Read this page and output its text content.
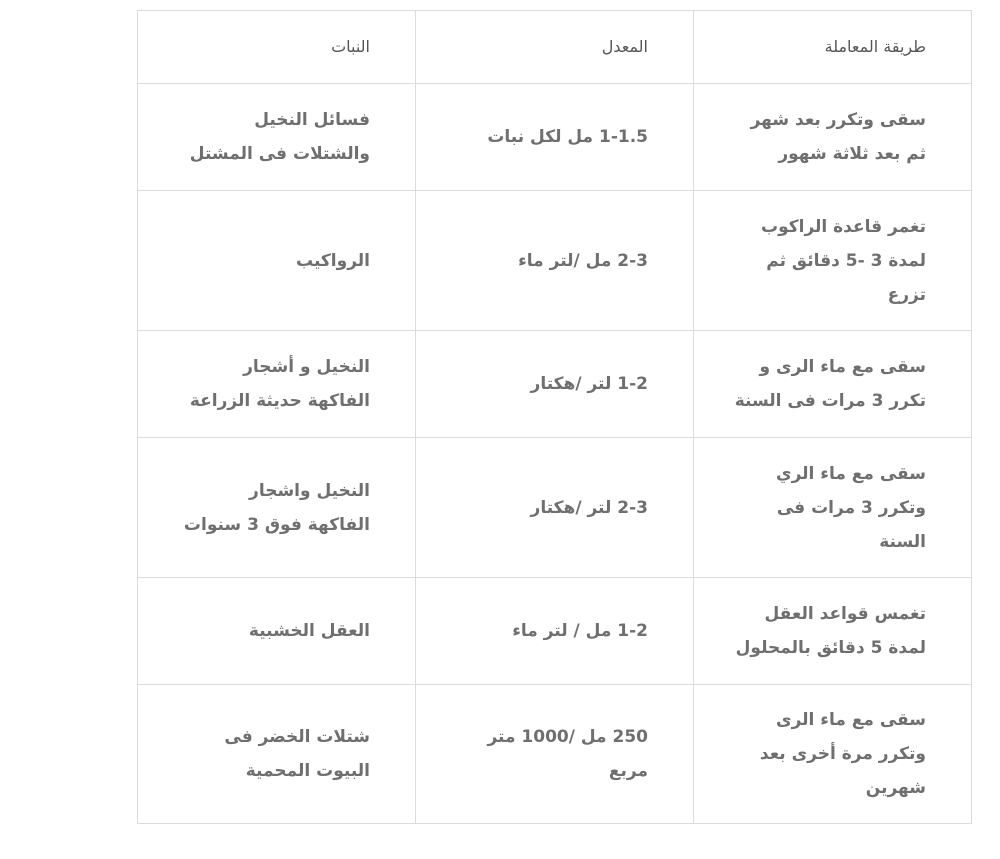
طريقة المعاملة	المعدل	النبات

سقى وتكرر بعد شهر
ثم بعد ثلاثة شهور	1-1.5 مل لكل نبات	فسائل النخيل
والشتلات فى المشتل

تغمر قاعدة الراكوب
لمدة 3 -5 دقائق ثم
تزرع	2-3 مل /لتر ماء	الرواكيب

سقى مع ماء الرى و
تكرر 3 مرات فى السنة	1-2 لتر /هكتار	النخيل و أشجار
الفاكهة حديثة الزراعة

سقى مع ماء الري
وتكرر 3 مرات فى
السنة	2-3 لتر /هكتار	النخيل واشجار
الفاكهة فوق 3 سنوات

تغمس قواعد العقل
لمدة 5 دقائق بالمحلول	1-2 مل / لتر ماء	العقل الخشبية

سقى مع ماء الرى
وتكرر مرة أخرى بعد
شهرين	250 مل /1000 متر
مربع	شتلات الخضر فى
البيوت المحمية
